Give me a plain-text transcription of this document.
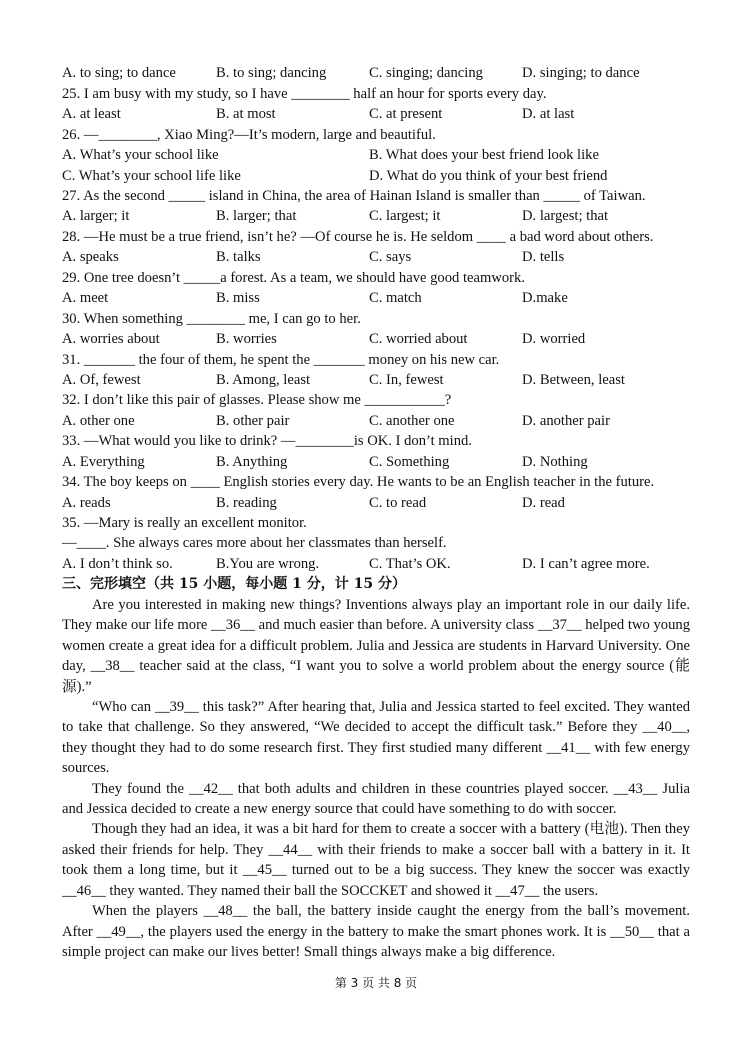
A. to sing; to dance	B. to sing; dancing	C. singing; dancing	D. singing; to dance
25. I am busy with my study, so I have ________ half an hour for sports every day.
A. at least	B. at most	C. at present	D. at last
26. —________, Xiao Ming?—It’s modern, large and beautiful.
A. What’s your school like	B. What does your best friend look like
C. What’s your school life like	D. What do you think of your best friend
27. As the second _____ island in China, the area of Hainan Island is smaller than _____ of Taiwan.
A. larger; it	B. larger; that	C. largest; it	D. largest; that
28. —He must be a true friend, isn’t he? —Of course he is. He seldom ____ a bad word about others.
A. speaks	B. talks	C. says	D. tells
29. One tree doesn’t _____a forest. As a team, we should have good teamwork.
A. meet	B. miss	C. match	D.make
30. When something ________ me, I can go to her.
A. worries about	B. worries	C. worried about	D. worried
31. _______ the four of them, he spent the _______ money on his new car.
A. Of, fewest	B. Among, least	C. In, fewest	D. Between, least
32. I don’t like this pair of glasses. Please show me ___________?
A. other one	B. other pair	C. another one	D. another pair
33. —What would you like to drink? —________is OK. I don’t mind.
A. Everything	B. Anything	C. Something	D. Nothing
34. The boy keeps on ____ English stories every day. He wants to be an English teacher in the future.
A. reads	B. reading	C. to read	D. read
35. —Mary is really an excellent monitor.
—____. She always cares more about her classmates than herself.
A. I don’t think so.	B.You are wrong.	C. That’s OK.	D. I can’t agree more.
三、完形填空（共 15 小题，每小题 1 分，计 15 分）

Are you interested in making new things? Inventions always play an important role in our daily life. They make our life more __36__ and much easier than before. A university class __37__ helped two young women create a great idea for a difficult problem. Julia and Jessica are students in Harvard University. One day, __38__ teacher said at the class, “I want you to solve a world problem about the energy source (能源).”

“Who can __39__ this task?” After hearing that, Julia and Jessica started to feel excited. They wanted to take that challenge. So they answered, “We decided to accept the difficult task.” Before they __40__, they thought they had to do some research first. They first studied many different __41__ with few energy sources.

They found the __42__ that both adults and children in these countries played soccer. __43__ Julia and Jessica decided to create a new energy source that could have something to do with soccer.

Though they had an idea, it was a bit hard for them to create a soccer with a battery (电池). Then they asked their friends for help. They __44__ with their friends to make a soccer ball with a battery in it. It took them a long time, but it __45__ turned out to be a big success. They knew the soccer was exactly __46__ they wanted. They named their ball the SOCCKET and showed it __47__ the users.

When the players __48__ the ball, the battery inside caught the energy from the ball’s movement. After __49__, the players used the energy in the battery to make the smart phones work. It is __50__ that a simple project can make our lives better! Small things always make a big difference.

第 3 页 共 8 页
